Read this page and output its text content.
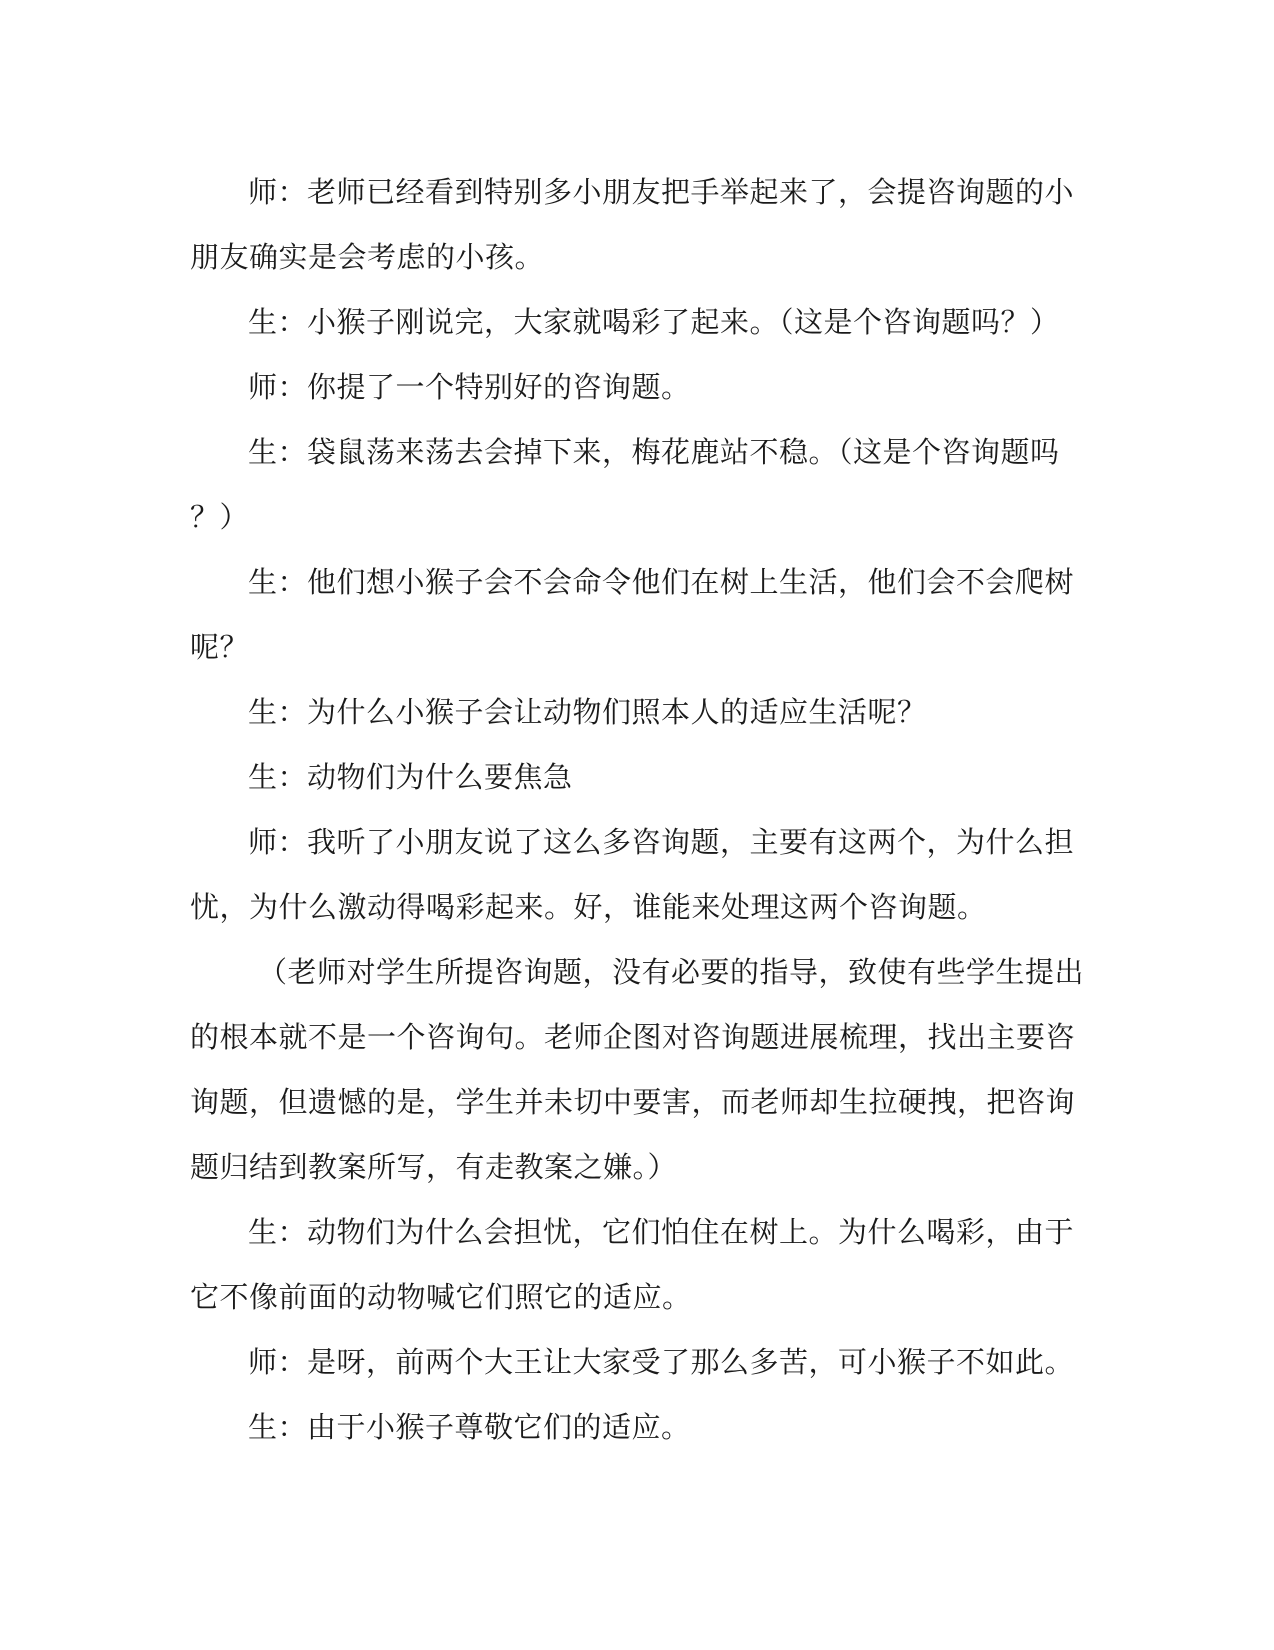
师：老师已经看到特别多小朋友把手举起来了，会提咨询题的小
朋友确实是会考虑的小孩。
生：小猴子刚说完，大家就喝彩了起来。（这是个咨询题吗？）
师：你提了一个特别好的咨询题。
生：袋鼠荡来荡去会掉下来，梅花鹿站不稳。（这是个咨询题吗
？）
生：他们想小猴子会不会命令他们在树上生活，他们会不会爬树
呢？
生：为什么小猴子会让动物们照本人的适应生活呢？
生：动物们为什么要焦急
师：我听了小朋友说了这么多咨询题，主要有这两个，为什么担
忧，为什么激动得喝彩起来。好，谁能来处理这两个咨询题。
（老师对学生所提咨询题，没有必要的指导，致使有些学生提出
的根本就不是一个咨询句。老师企图对咨询题进展梳理，找出主要咨
询题，但遗憾的是，学生并未切中要害，而老师却生拉硬拽，把咨询
题归结到教案所写，有走教案之嫌。）
生：动物们为什么会担忧，它们怕住在树上。为什么喝彩，由于
它不像前面的动物喊它们照它的适应。
师：是呀，前两个大王让大家受了那么多苦，可小猴子不如此。
生：由于小猴子尊敬它们的适应。
